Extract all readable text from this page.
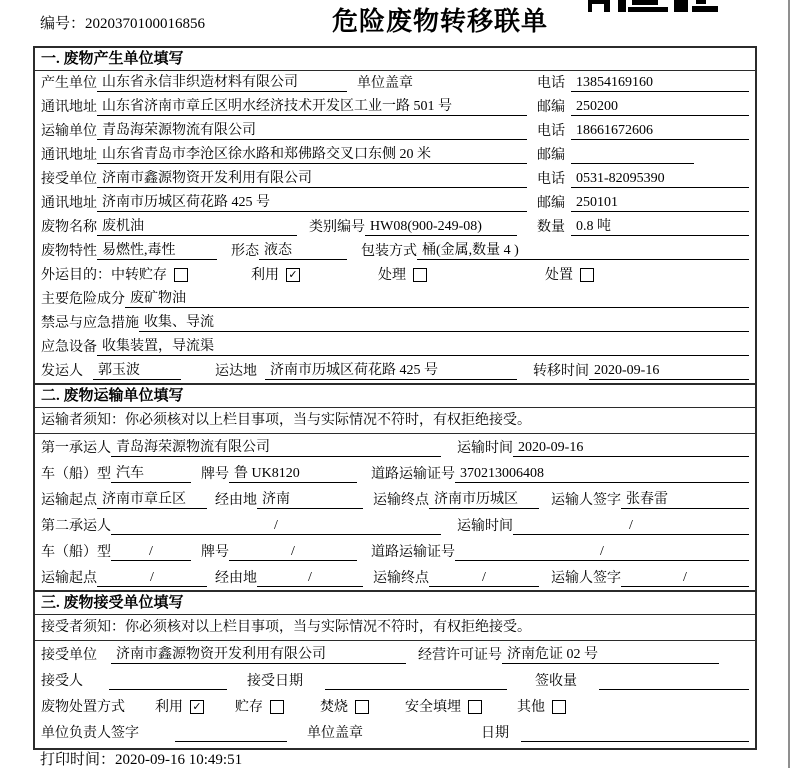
编号：2020370100016856	危险废物转移联单
一. 废物产生单位填写
产生单位 山东省永信非织造材料有限公司	单位盖章	电话 13854169160
通讯地址 山东省济南市章丘区明水经济技术开发区工业一路 501 号	邮编 250200
运输单位 青岛海荣源物流有限公司	电话 18661672606
通讯地址 山东省青岛市李沧区徐水路和郑佛路交叉口东侧 20 米	邮编
接受单位 济南市鑫源物资开发利用有限公司	电话 0531-82095390
通讯地址 济南市历城区荷花路 425 号	邮编 250101
废物名称 废机油	类别编号 HW08(900-249-08)	数量 0.8 吨
废物特性 易燃性,毒性	形态 液态	包装方式 桶(金属,数量 4 )
外运目的： 中转贮存	利用 ✓	处理	处置
主要危险成分 废矿物油
禁忌与应急措施 收集、导流
应急设备 收集装置，导流渠
发运人	郭玉波	运达地 济南市历城区荷花路 425 号	转移时间 2020-09-16
二. 废物运输单位填写
运输者须知：你必须核对以上栏目事项，当与实际情况不符时，有权拒绝接受。
第一承运人 青岛海荣源物流有限公司	运输时间 2020-09-16
车（船）型 汽车	牌号 鲁 UK8120	道路运输证号 370213006408
运输起点 济南市章丘区	经由地 济南	运输终点 济南市历城区	运输人签字 张春雷
第二承运人	/	运输时间	/
车（船）型	/	牌号	/	道路运输证号	/
运输起点	/	经由地	/	运输终点	/	运输人签字	/
三. 废物接受单位填写
接受者须知：你必须核对以上栏目事项，当与实际情况不符时，有权拒绝接受。
接受单位	济南市鑫源物资开发利用有限公司	经营许可证号 济南危证 02 号
接受人	接受日期	签收量
废物处置方式 利用 ✓ 贮存	焚烧	安全填埋	其他
单位负责人签字	单位盖章	日期
打印时间：2020-09-16 10:49:51
